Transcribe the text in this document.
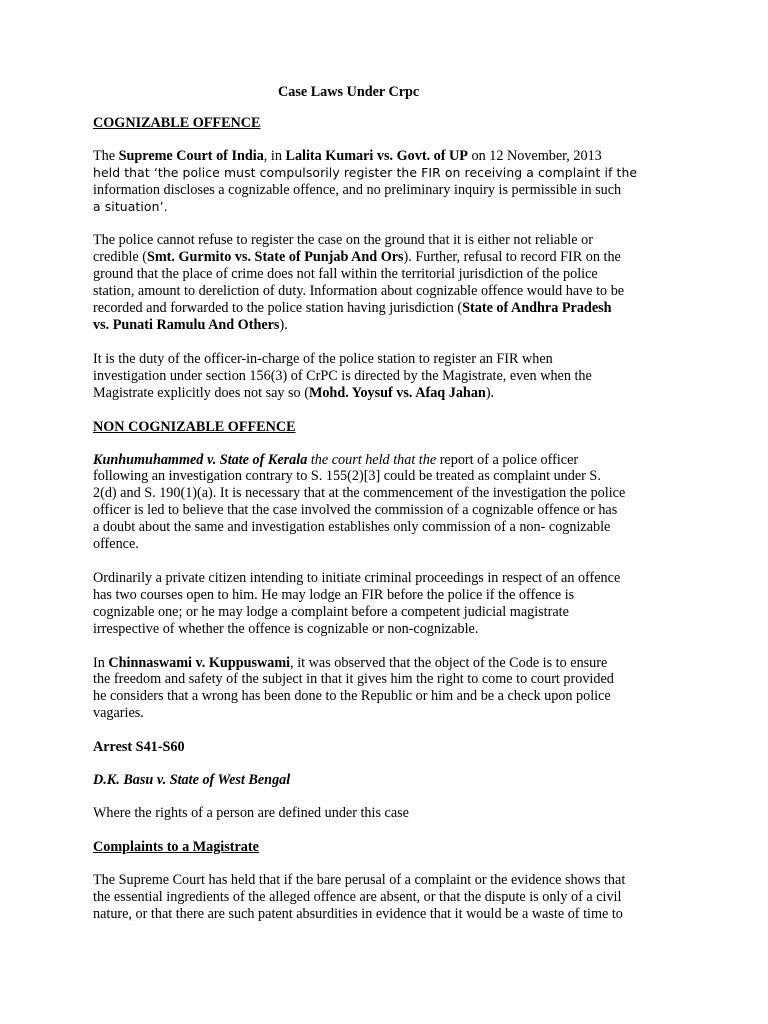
Case Laws Under Crpc
COGNIZABLE OFFENCE

The Supreme Court of India, in Lalita Kumari vs. Govt. of UP on 12 November, 2013
held that ‘the police must compulsorily register the FIR on receiving a complaint if the
information discloses a cognizable offence, and no preliminary inquiry is permissible in such
a situation’.

The police cannot refuse to register the case on the ground that it is either not reliable or
credible (Smt. Gurmito vs. State of Punjab And Ors). Further, refusal to record FIR on the
ground that the place of crime does not fall within the territorial jurisdiction of the police
station, amount to dereliction of duty. Information about cognizable offence would have to be
recorded and forwarded to the police station having jurisdiction (State of Andhra Pradesh
vs. Punati Ramulu And Others).

It is the duty of the officer-in-charge of the police station to register an FIR when
investigation under section 156(3) of CrPC is directed by the Magistrate, even when the
Magistrate explicitly does not say so (Mohd. Yoysuf vs. Afaq Jahan).

NON COGNIZABLE OFFENCE

Kunhumuhammed v. State of Kerala the court held that the report of a police officer
following an investigation contrary to S. 155(2)[3] could be treated as complaint under S.
2(d) and S. 190(1)(a). It is necessary that at the commencement of the investigation the police
officer is led to believe that the case involved the commission of a cognizable offence or has
a doubt about the same and investigation establishes only commission of a non- cognizable
offence.

Ordinarily a private citizen intending to initiate criminal proceedings in respect of an offence
has two courses open to him. He may lodge an FIR before the police if the offence is
cognizable one; or he may lodge a complaint before a competent judicial magistrate
irrespective of whether the offence is cognizable or non-cognizable.

In Chinnaswami v. Kuppuswami, it was observed that the object of the Code is to ensure
the freedom and safety of the subject in that it gives him the right to come to court provided
he considers that a wrong has been done to the Republic or him and be a check upon police
vagaries.

Arrest S41-S60
D.K. Basu v. State of West Bengal

Where the rights of a person are defined under this case

Complaints to a Magistrate

The Supreme Court has held that if the bare perusal of a complaint or the evidence shows that
the essential ingredients of the alleged offence are absent, or that the dispute is only of a civil
nature, or that there are such patent absurdities in evidence that it would be a waste of time to
